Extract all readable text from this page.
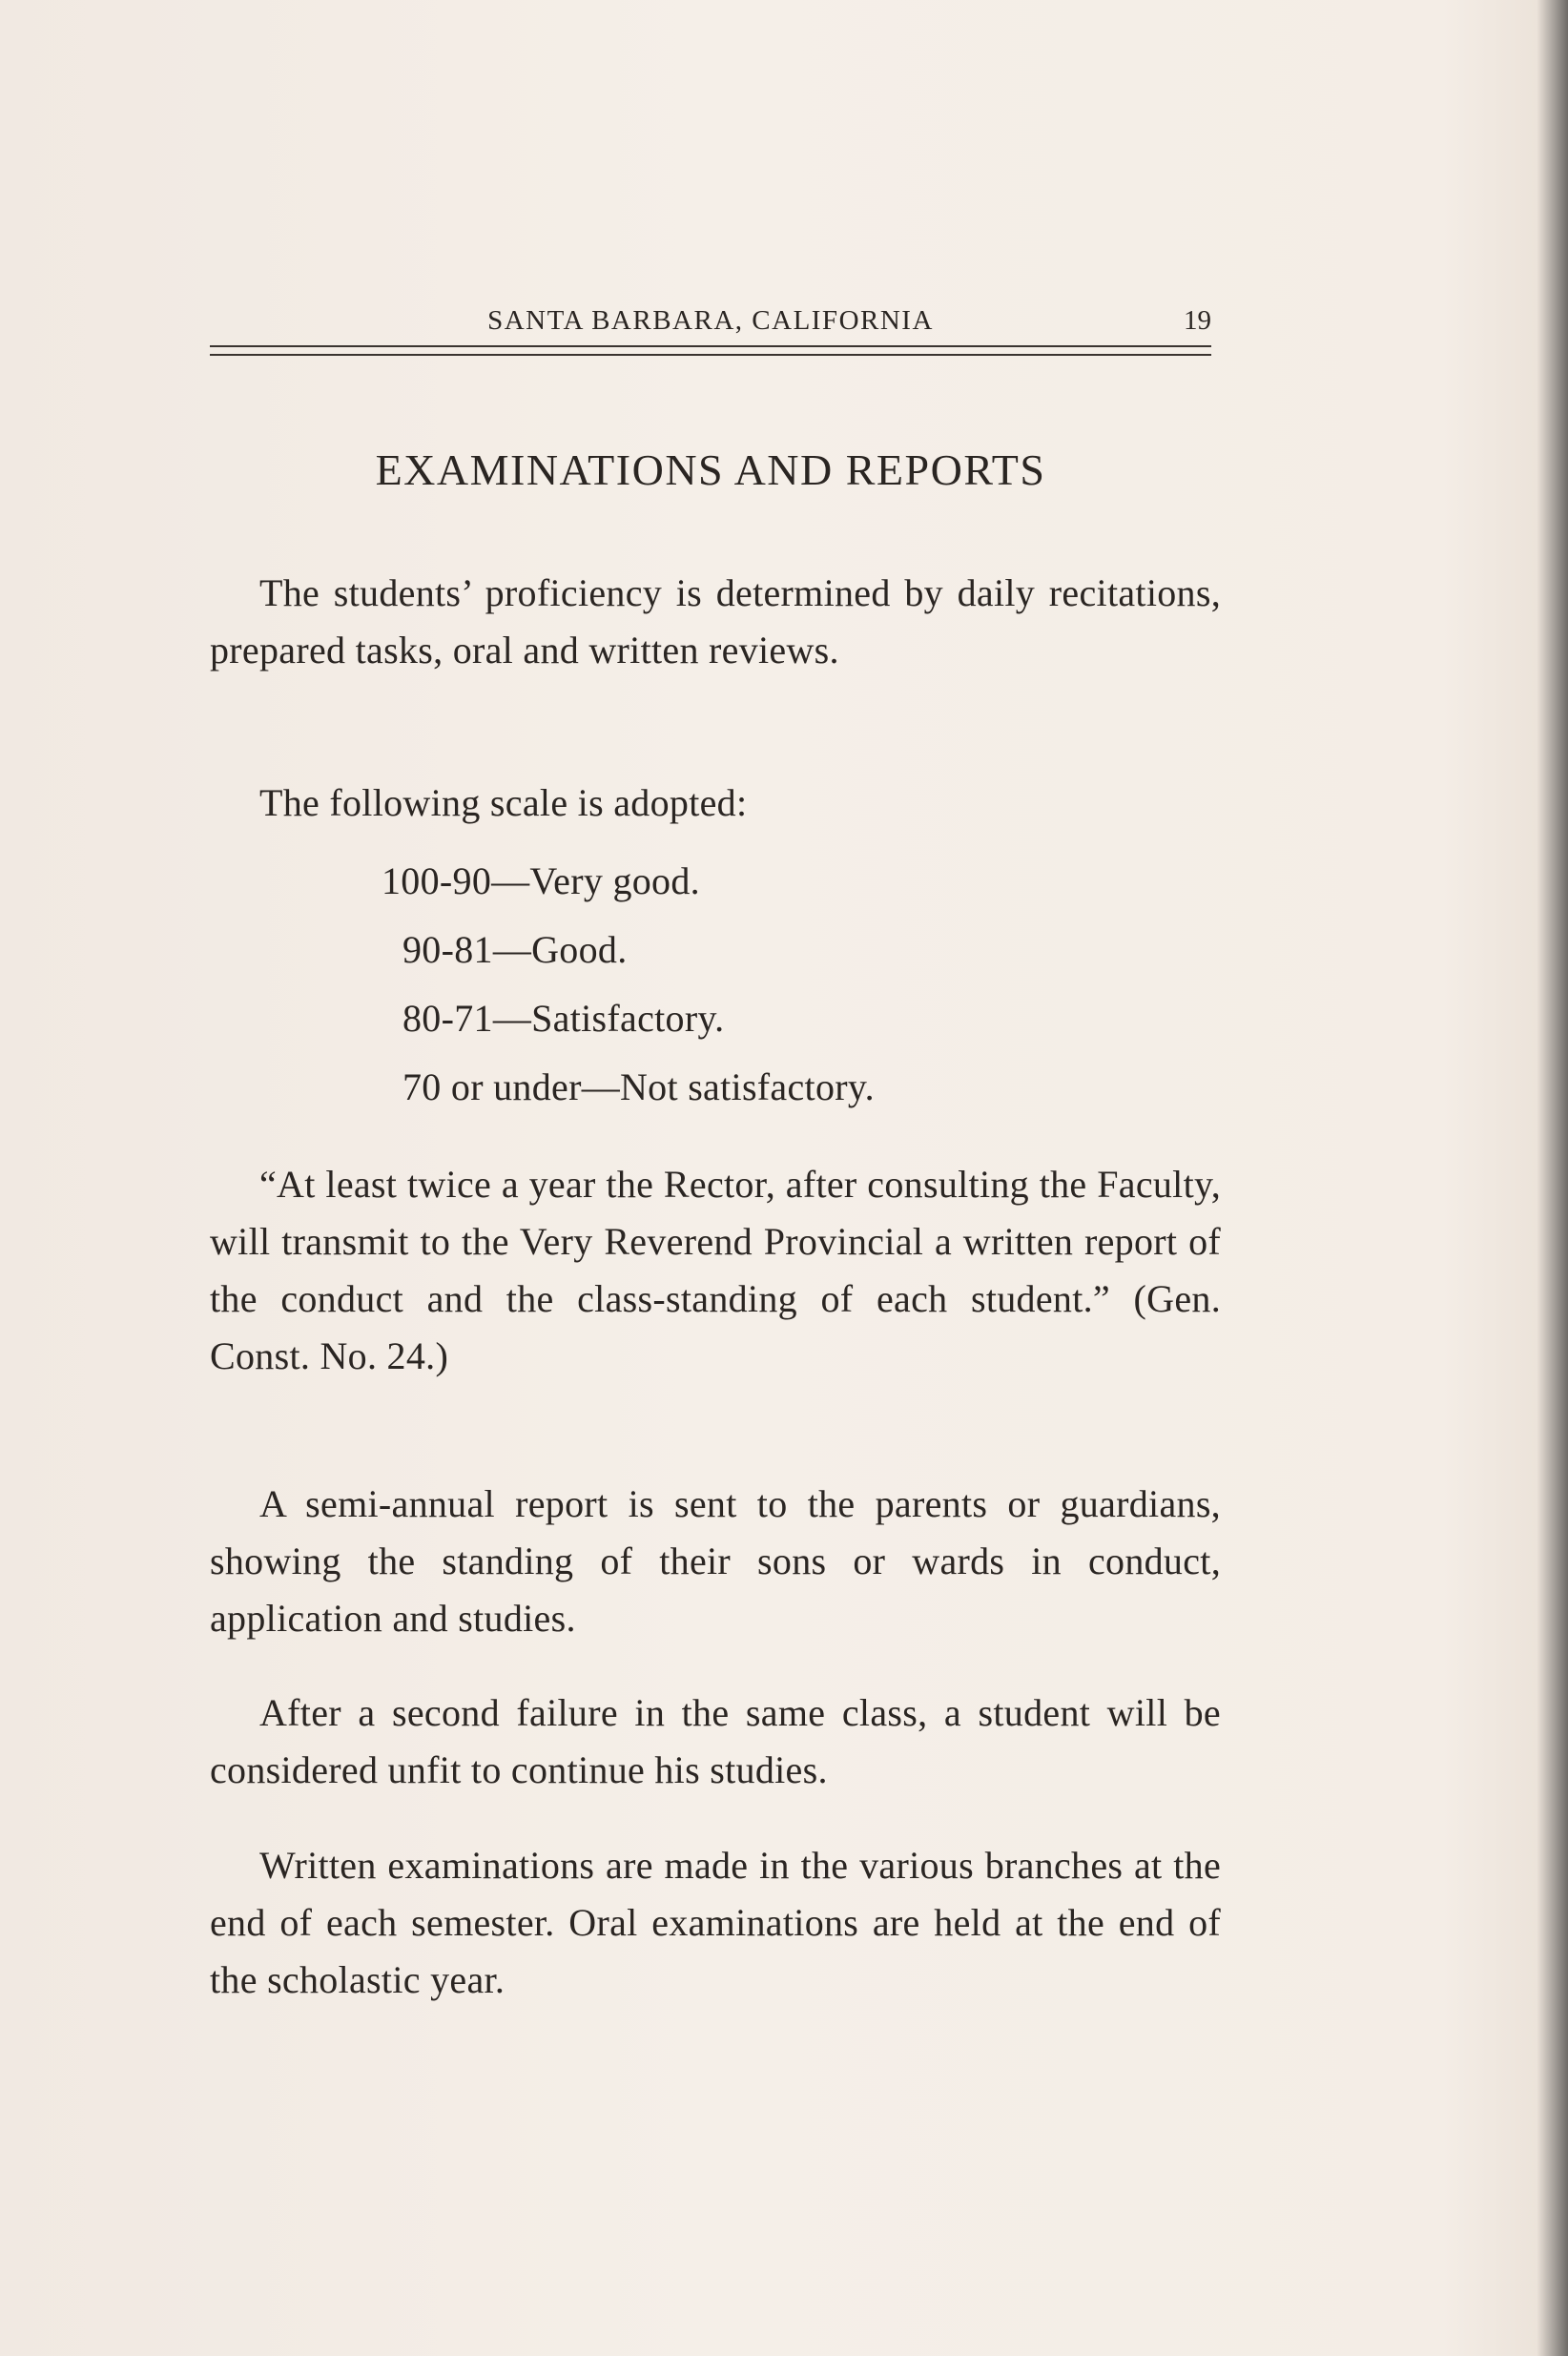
SANTA BARBARA, CALIFORNIA	19
EXAMINATIONS AND REPORTS
The students’ proficiency is determined by daily recitations, prepared tasks, oral and written reviews.
The following scale is adopted:
100-90—Very good.
90-81—Good.
80-71—Satisfactory.
70 or under—Not satisfactory.
“At least twice a year the Rector, after consulting the Faculty, will transmit to the Very Reverend Provincial a written report of the conduct and the class-standing of each student.” (Gen. Const. No. 24.)
A semi-annual report is sent to the parents or guardians, showing the standing of their sons or wards in conduct, application and studies.
After a second failure in the same class, a student will be considered unfit to continue his studies.
Written examinations are made in the various branches at the end of each semester. Oral examinations are held at the end of the scholastic year.
